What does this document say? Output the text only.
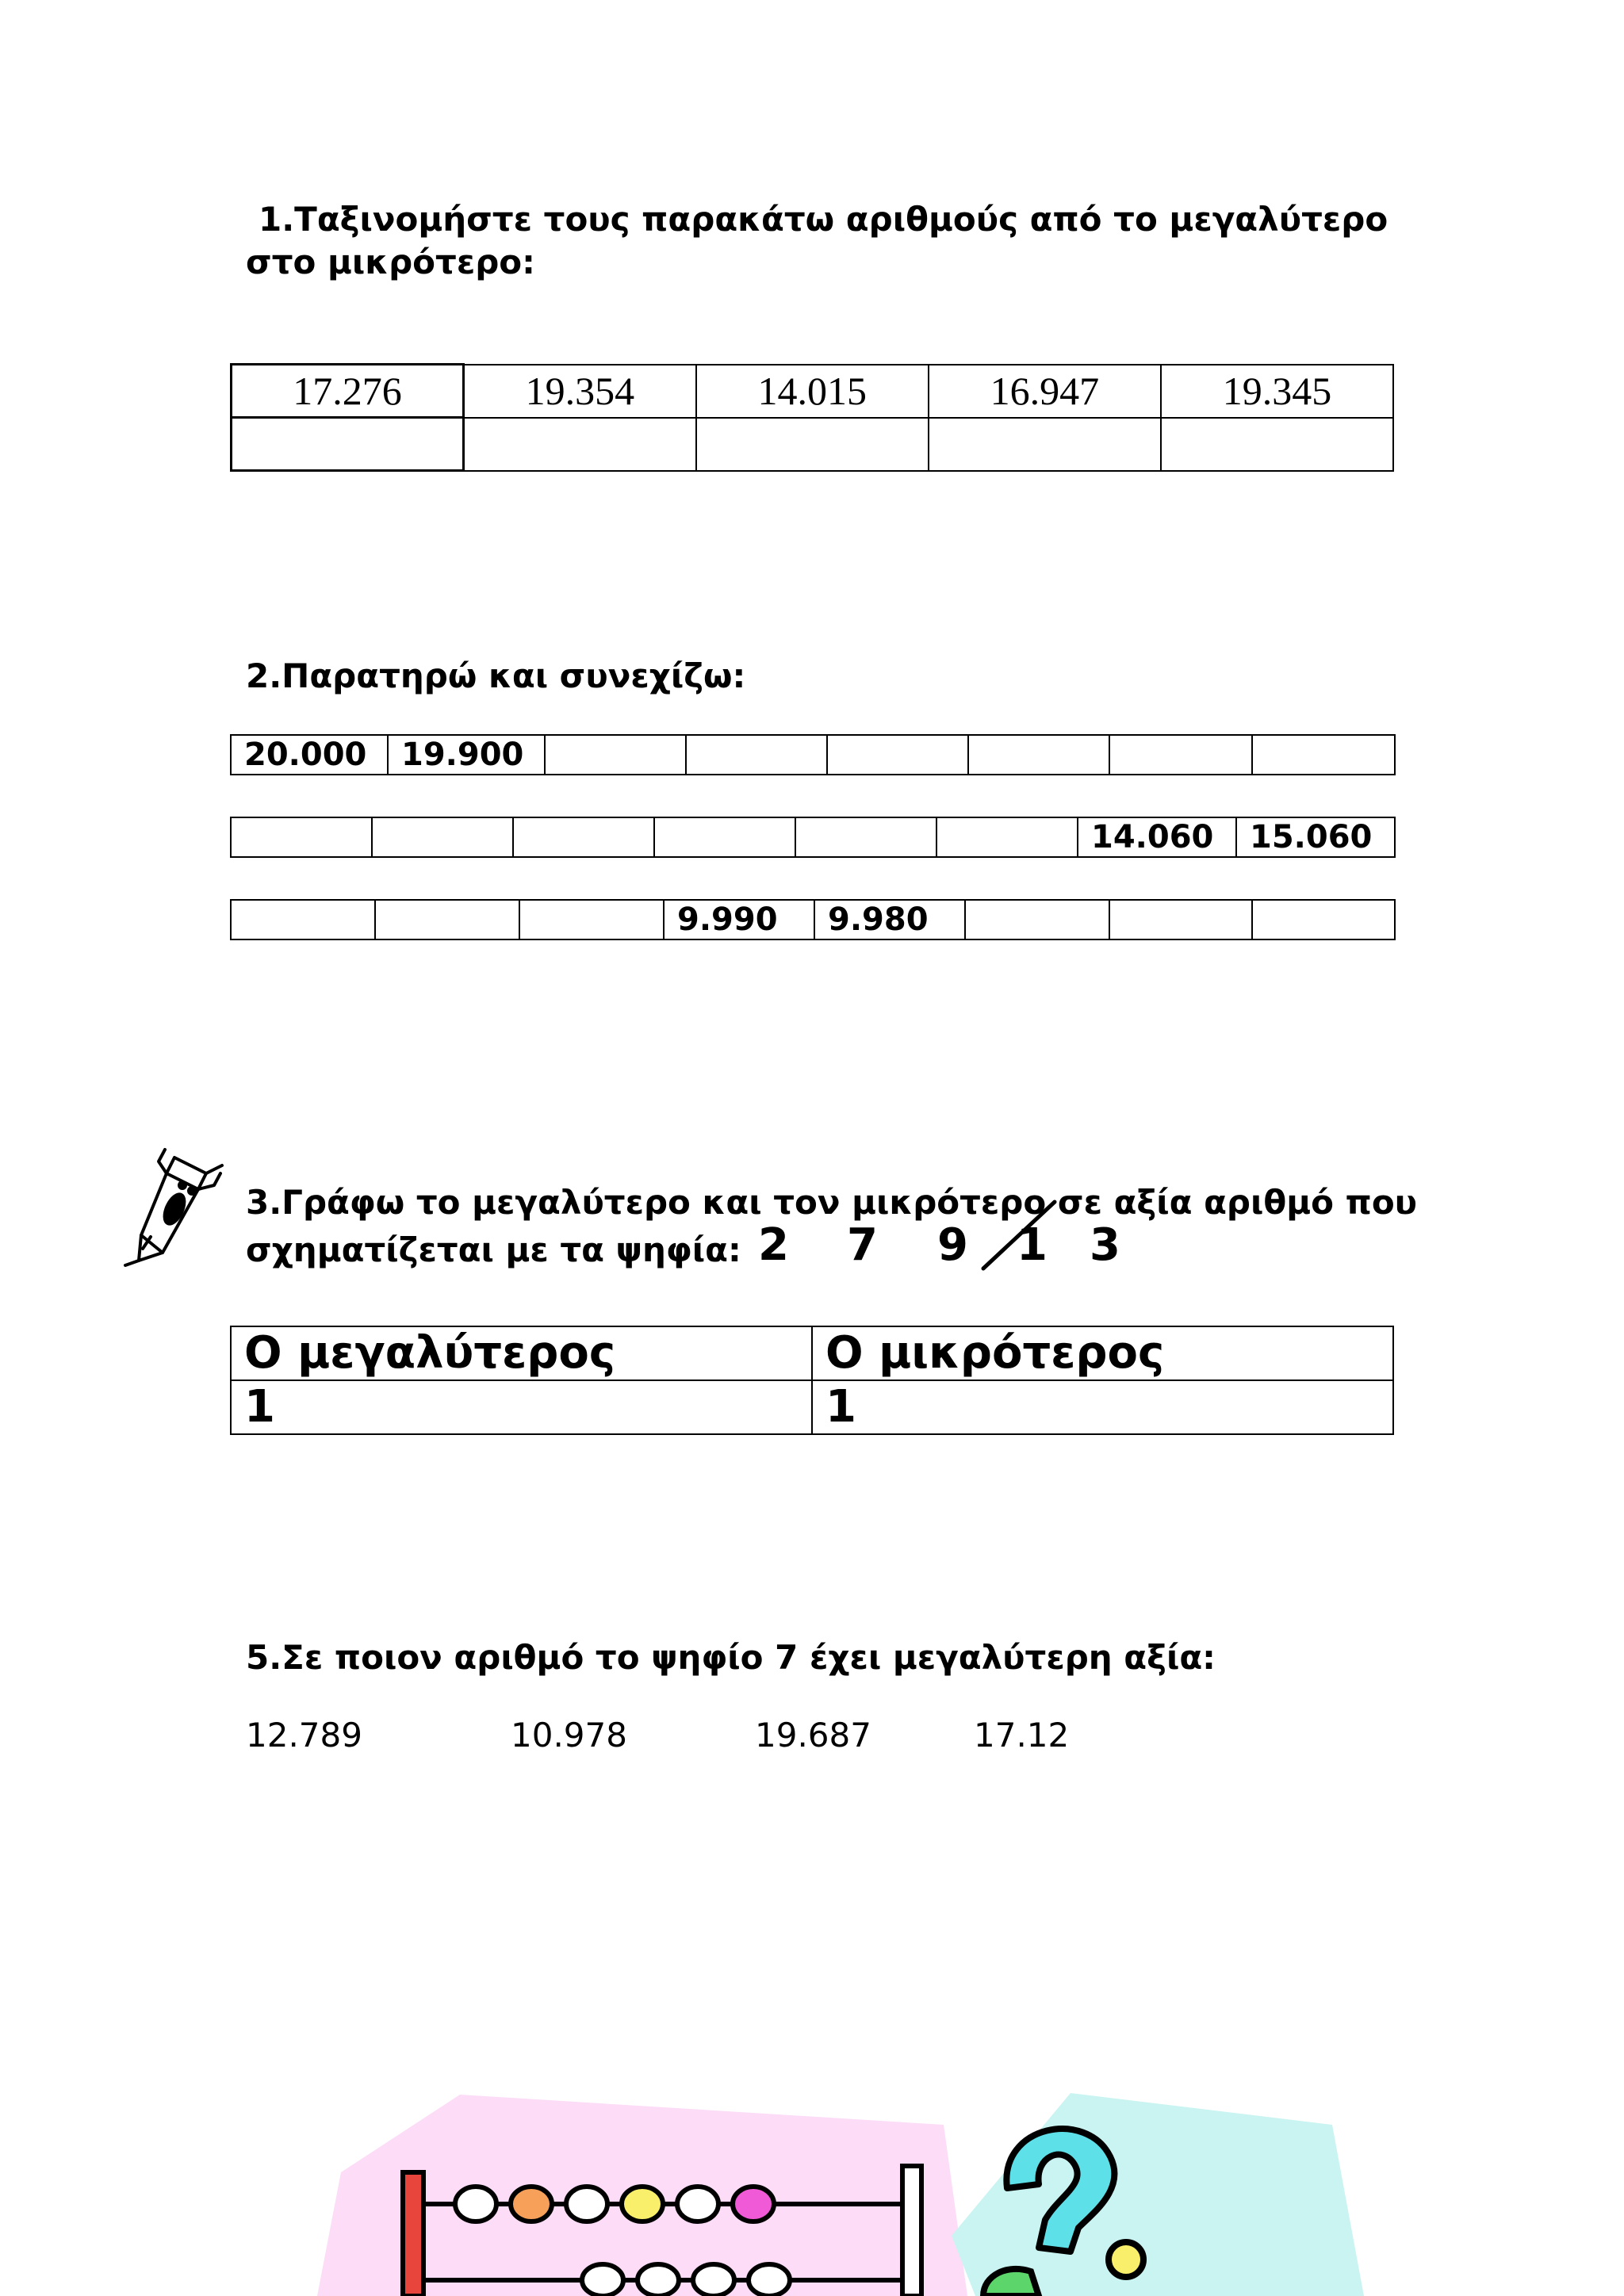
1.Ταξινομήστε τους παρακάτω αριθμούς από το μεγαλύτερο
στο μικρότερο:
17.276	19.354	14.015	16.947	19.345

2.Παρατηρώ και συνεχίζω:
20.000	19.900						
						14.060	15.060
			9.990	9.980			
3.Γράφω το μεγαλύτερο και τον μικρότερο σε αξία αριθμό που
σχηματίζεται με τα ψηφία: 2 7 9 1 3
Ο μεγαλύτερος	Ο μικρότερος
1	1
5.Σε ποιον αριθμό το ψηφίο 7 έχει μεγαλύτερη αξία:
12.789	10.978	19.687	17.12
